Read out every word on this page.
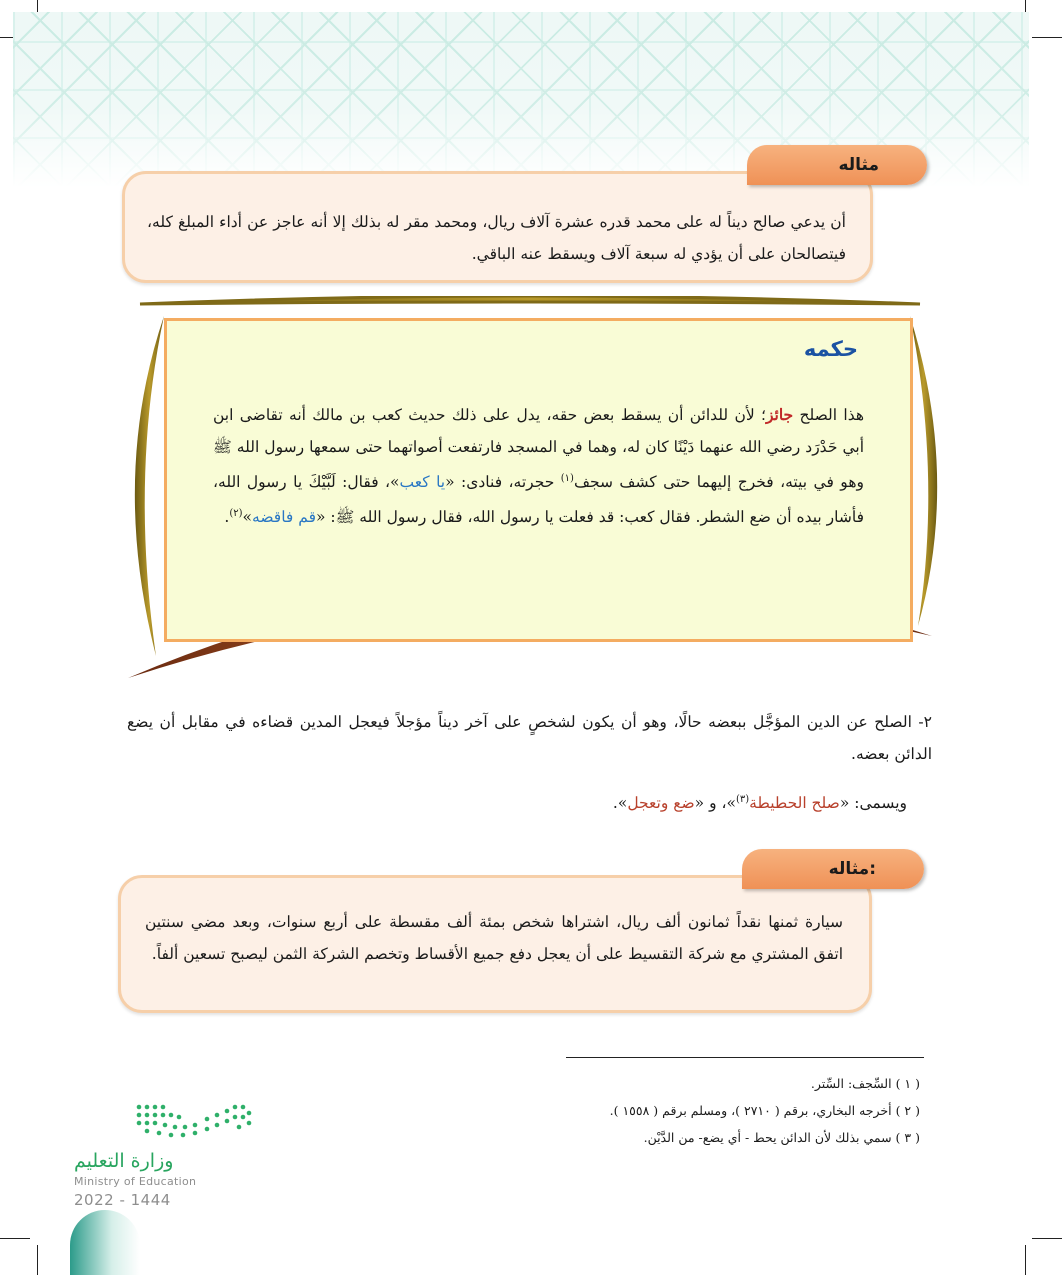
أن يدعي صالح ديناً له على محمد قدره عشرة آلاف ريال، ومحمد مقر له بذلك إلا أنه عاجز عن أداء المبلغ كله، فيتصالحان على أن يؤدي له سبعة آلاف ويسقط عنه الباقي.
مثاله
حكمه
هذا الصلح جائز؛ لأن للدائن أن يسقط بعض حقه، يدل على ذلك حديث كعب بن مالك أنه تقاضى ابن أبي حَدْرَد رضي الله عنهما دَيْنًا كان له، وهما في المسجد فارتفعت أصواتهما حتى سمعها رسول الله ﷺ وهو في بيته، فخرج إليهما حتى كشف سجف$^{(١)}$ حجرته، فنادى: «يا كعب»، فقال: لَبَّيْكَ يا رسول الله، فأشار بيده أن ضع الشطر. فقال كعب: قد فعلت يا رسول الله، فقال رسول الله ﷺ: «قم فاقضه»$^{(٢)}$.
٢- الصلح عن الدين المؤجَّل ببعضه حالًا، وهو أن يكون لشخصٍ على آخر ديناً مؤجلاً فيعجل المدين قضاءه في مقابل أن يضع الدائن بعضه.
ويسمى: «صلح الحطيطة$^{(٣)}$»، و «ضع وتعجل».
سيارة ثمنها نقداً ثمانون ألف ريال، اشتراها شخص بمئة ألف مقسطة على أربع سنوات، وبعد مضي سنتين اتفق المشتري مع شركة التقسيط على أن يعجل دفع جميع الأقساط وتخصم الشركة الثمن ليصبح تسعين ألفاً.
مثاله:
( ١ ) السِّجف: السِّتر.
( ٢ ) أخرجه البخاري، برقم ( ٢٧١٠ )، ومسلم برقم ( ١٥٥٨ ).
( ٣ ) سمي بذلك لأن الدائن يحط - أي يضع- من الدَّيْن.
وزارة التعليم
Ministry of Education
2022 - 1444
